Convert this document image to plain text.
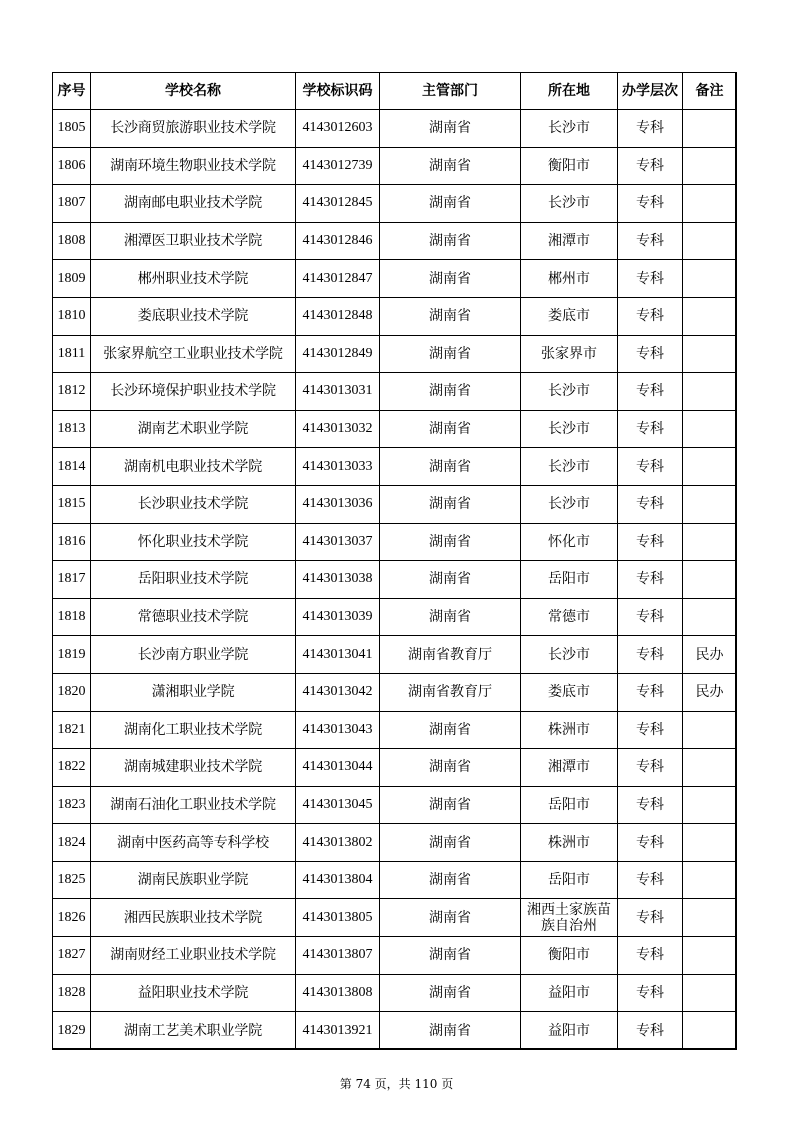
序号	学校名称	学校标识码	主管部门	所在地	办学层次	备注
1805	长沙商贸旅游职业技术学院	4143012603	湖南省	长沙市	专科	
1806	湖南环境生物职业技术学院	4143012739	湖南省	衡阳市	专科	
1807	湖南邮电职业技术学院	4143012845	湖南省	长沙市	专科	
1808	湘潭医卫职业技术学院	4143012846	湖南省	湘潭市	专科	
1809	郴州职业技术学院	4143012847	湖南省	郴州市	专科	
1810	娄底职业技术学院	4143012848	湖南省	娄底市	专科	
1811	张家界航空工业职业技术学院	4143012849	湖南省	张家界市	专科	
1812	长沙环境保护职业技术学院	4143013031	湖南省	长沙市	专科	
1813	湖南艺术职业学院	4143013032	湖南省	长沙市	专科	
1814	湖南机电职业技术学院	4143013033	湖南省	长沙市	专科	
1815	长沙职业技术学院	4143013036	湖南省	长沙市	专科	
1816	怀化职业技术学院	4143013037	湖南省	怀化市	专科	
1817	岳阳职业技术学院	4143013038	湖南省	岳阳市	专科	
1818	常德职业技术学院	4143013039	湖南省	常德市	专科	
1819	长沙南方职业学院	4143013041	湖南省教育厅	长沙市	专科	民办
1820	潇湘职业学院	4143013042	湖南省教育厅	娄底市	专科	民办
1821	湖南化工职业技术学院	4143013043	湖南省	株洲市	专科	
1822	湖南城建职业技术学院	4143013044	湖南省	湘潭市	专科	
1823	湖南石油化工职业技术学院	4143013045	湖南省	岳阳市	专科	
1824	湖南中医药高等专科学校	4143013802	湖南省	株洲市	专科	
1825	湖南民族职业学院	4143013804	湖南省	岳阳市	专科	
1826	湘西民族职业技术学院	4143013805	湖南省	湘西土家族苗族自治州	专科	
1827	湖南财经工业职业技术学院	4143013807	湖南省	衡阳市	专科	
1828	益阳职业技术学院	4143013808	湖南省	益阳市	专科	
1829	湖南工艺美术职业学院	4143013921	湖南省	益阳市	专科	
第 74 页，共 110 页
